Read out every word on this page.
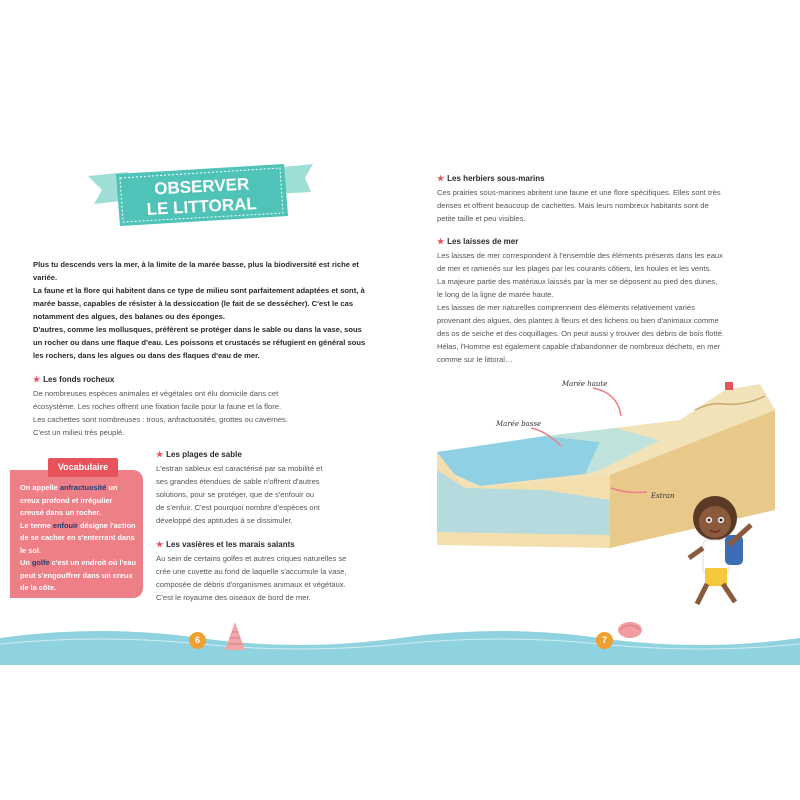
OBSERVER
LE LITTORAL
Plus tu descends vers la mer, à la limite de la marée basse, plus la biodiversité est riche et variée.
La faune et la flore qui habitent dans ce type de milieu sont parfaitement adaptées et sont, à marée basse, capables de résister à la dessiccation (le fait de se dessécher). C'est le cas notamment des algues, des balanes ou des éponges.
D'autres, comme les mollusques, préfèrent se protéger dans le sable ou dans la vase, sous un rocher ou dans une flaque d'eau. Les poissons et crustacés se réfugient en général sous les rochers, dans les algues ou dans des flaques d'eau de mer.
★ Les fonds rocheux
De nombreuses espèces animales et végétales ont élu domicile dans cet
écosystème. Les roches offrent une fixation facile pour la faune et la flore.
Les cachettes sont nombreuses : trous, anfractuosités, grottes ou cavernes.
C'est un milieu très peuplé.
Vocabulaire
On appelle anfractuosité un creux profond et irrégulier creusé dans un rocher.
Le terme enfouir désigne l'action de se cacher en s'enterrant dans le sol.
Un golfe c'est un endroit où l'eau peut s'engouffrer dans un creux de la côte.
★ Les plages de sable
L'estran sableux est caractérisé par sa mobilité et
ses grandes étendues de sable n'offrent d'autres
solutions, pour se protéger, que de s'enfouir ou
de s'enfuir. C'est pourquoi nombre d'espèces ont
développé des aptitudes à se dissimuler.
★ Les vasières et les marais salants
Au sein de certains golfes et autres criques naturelles se
crée une cuvette au fond de laquelle s'accumule la vase,
composée de débris d'organismes animaux et végétaux.
C'est le royaume des oiseaux de bord de mer.
★ Les herbiers sous-marins
Ces prairies sous-marines abritent une faune et une flore spécifiques. Elles sont très
denses et offrent beaucoup de cachettes. Mais leurs nombreux habitants sont de
petite taille et peu visibles.
★ Les laisses de mer
Les laisses de mer correspondent à l'ensemble des éléments présents dans les eaux
de mer et ramenés sur les plages par les courants côtiers, les houles et les vents.
La majeure partie des matériaux laissés par la mer se déposent au pied des dunes,
le long de la ligne de marée haute.
Les laisses de mer naturelles comprennent des éléments relativement variés
provenant des algues, des plantes à fleurs et des lichens ou bien d'animaux comme
des os de seiche et des coquillages. On peut aussi y trouver des débris de bois flotté.
Hélas, l'Homme est également capable d'abandonner de nombreux déchets, en mer
comme sur le littoral…
Marée haute
Marée basse
Estran
6	7
